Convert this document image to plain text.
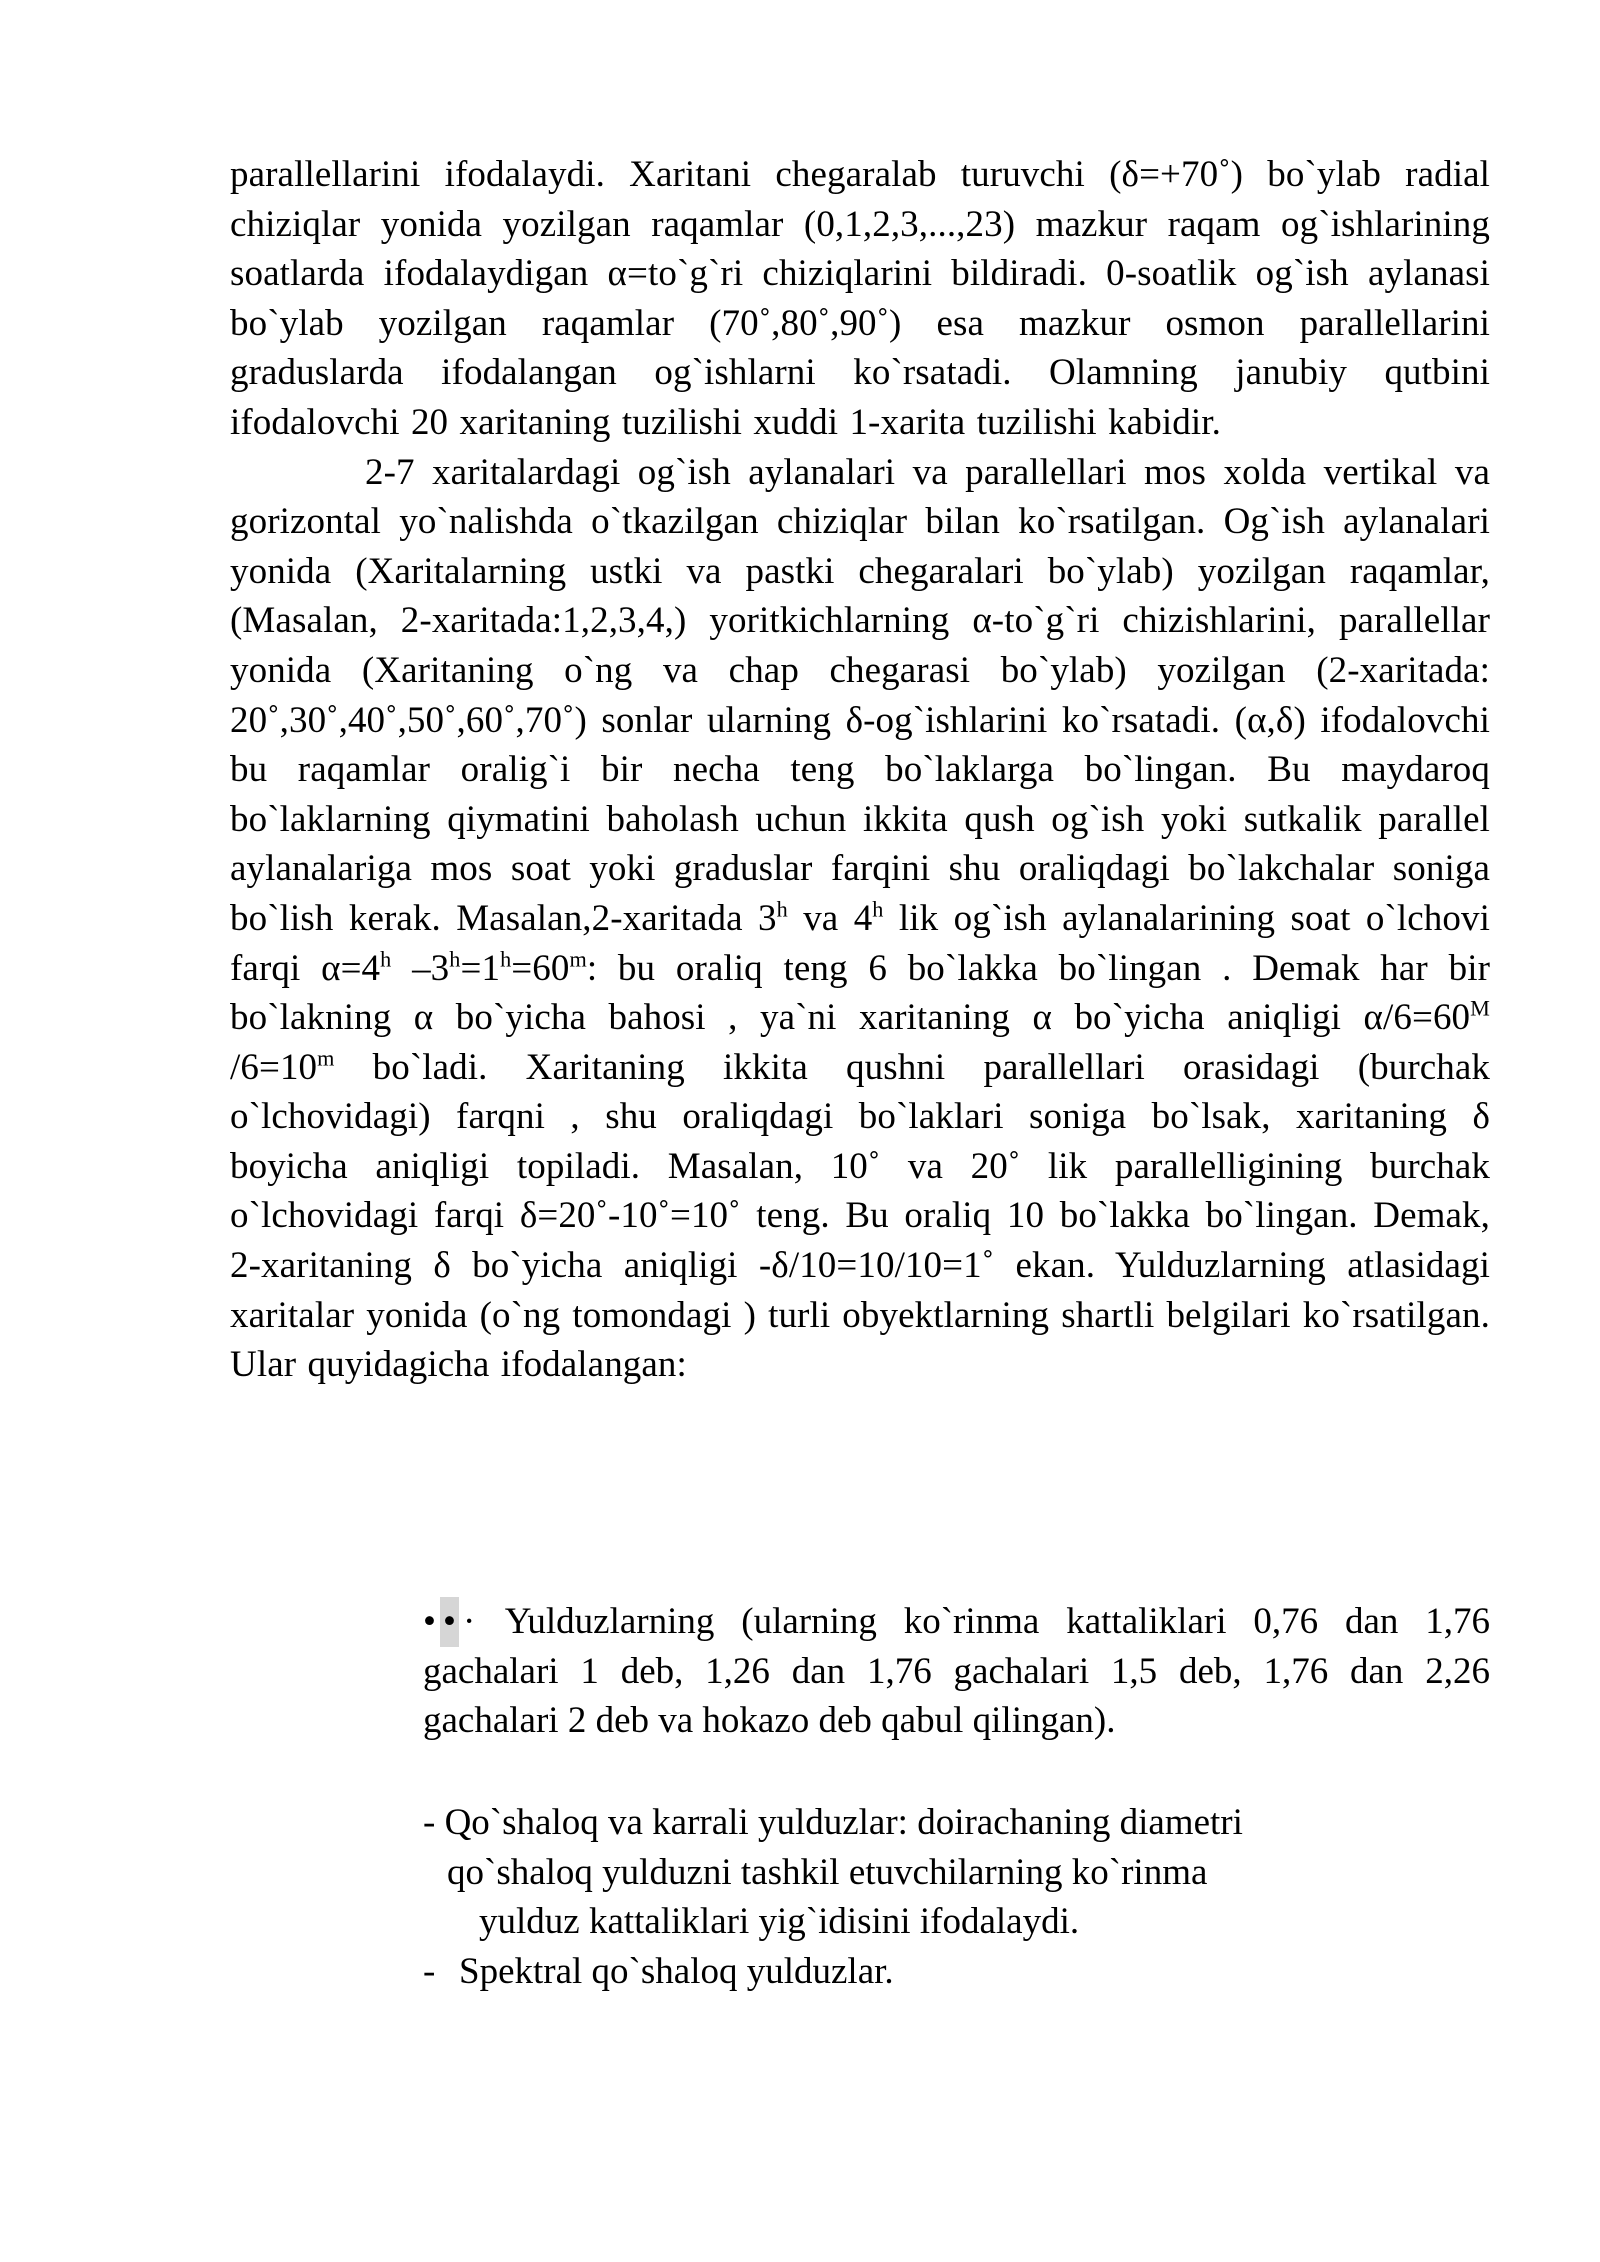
parallellarini ifodalaydi. Xaritani chegaralab turuvchi (δ=+70˚) bo`ylab radial chiziqlar yonida yozilgan raqamlar (0,1,2,3,...,23) mazkur raqam og`ishlarining soatlarda ifodalaydigan α=to`g`ri chiziqlarini bildiradi. 0-soatlik og`ish aylanasi bo`ylab yozilgan raqamlar (70˚,80˚,90˚) esa mazkur osmon parallellarini graduslarda ifodalangan og`ishlarni ko`rsatadi. Olamning janubiy qutbini ifodalovchi 20 xaritaning tuzilishi xuddi 1-xarita tuzilishi kabidir.

2-7 xaritalardagi og`ish aylanalari va parallellari mos xolda vertikal va gorizontal yo`nalishda o`tkazilgan chiziqlar bilan ko`rsatilgan. Og`ish aylanalari yonida (Xaritalarning ustki va pastki chegaralari bo`ylab) yozilgan raqamlar, (Masalan, 2-xaritada:1,2,3,4,) yoritkichlarning α-to`g`ri chizishlarini, parallellar yonida (Xaritaning o`ng va chap chegarasi bo`ylab) yozilgan (2-xaritada: 20˚,30˚,40˚,50˚,60˚,70˚) sonlar ularning δ-og`ishlarini ko`rsatadi. (α,δ) ifodalovchi bu raqamlar oralig`i bir necha teng bo`laklarga bo`lingan. Bu maydaroq bo`laklarning qiymatini baholash uchun ikkita qush og`ish yoki sutkalik parallel aylanalariga mos soat yoki graduslar farqini shu oraliqdagi bo`lakchalar soniga bo`lish kerak. Masalan,2-xaritada 3$^h$ va 4$^h$ lik og`ish aylanalarining soat o`lchovi farqi $\alpha=4^h$ $-3^h=1^h=60^m$: bu oraliq teng 6 bo`lakka bo`lingan . Demak har bir bo`lakning α bo`yicha bahosi , ya`ni xaritaning α bo`yicha aniqligi $\alpha/6=60^M$ $/6=10^m$ bo`ladi. Xaritaning ikkita qushni parallellari orasidagi (burchak o`lchovidagi) farqni , shu oraliqdagi bo`laklari soniga bo`lsak, xaritaning δ boyicha aniqligi topiladi. Masalan, 10˚ va 20˚ lik parallelligining burchak o`lchovidagi farqi δ=20˚-10˚=10˚ teng. Bu oraliq 10 bo`lakka bo`lingan. Demak, 2-xaritaning δ bo`yicha aniqligi -δ/10=10/10=1˚ ekan. Yulduzlarning atlasidagi xaritalar yonida (o`ng tomondagi ) turli obyektlarning shartli belgilari ko`rsatilgan. Ular quyidagicha ifodalangan:

• • · Yulduzlarning (ularning ko`rinma kattaliklari 0,76 dan 1,76 gachalari 1 deb, 1,26 dan 1,76 gachalari 1,5 deb, 1,76 dan 2,26 gachalari 2 deb va hokazo deb qabul qilingan).
- Qo`shaloq va karrali yulduzlar: doirachaning diametri
qo`shaloq yulduzni tashkil etuvchilarning ko`rinma
yulduz kattaliklari yig`idisini ifodalaydi.
- Spektral qo`shaloq yulduzlar.
